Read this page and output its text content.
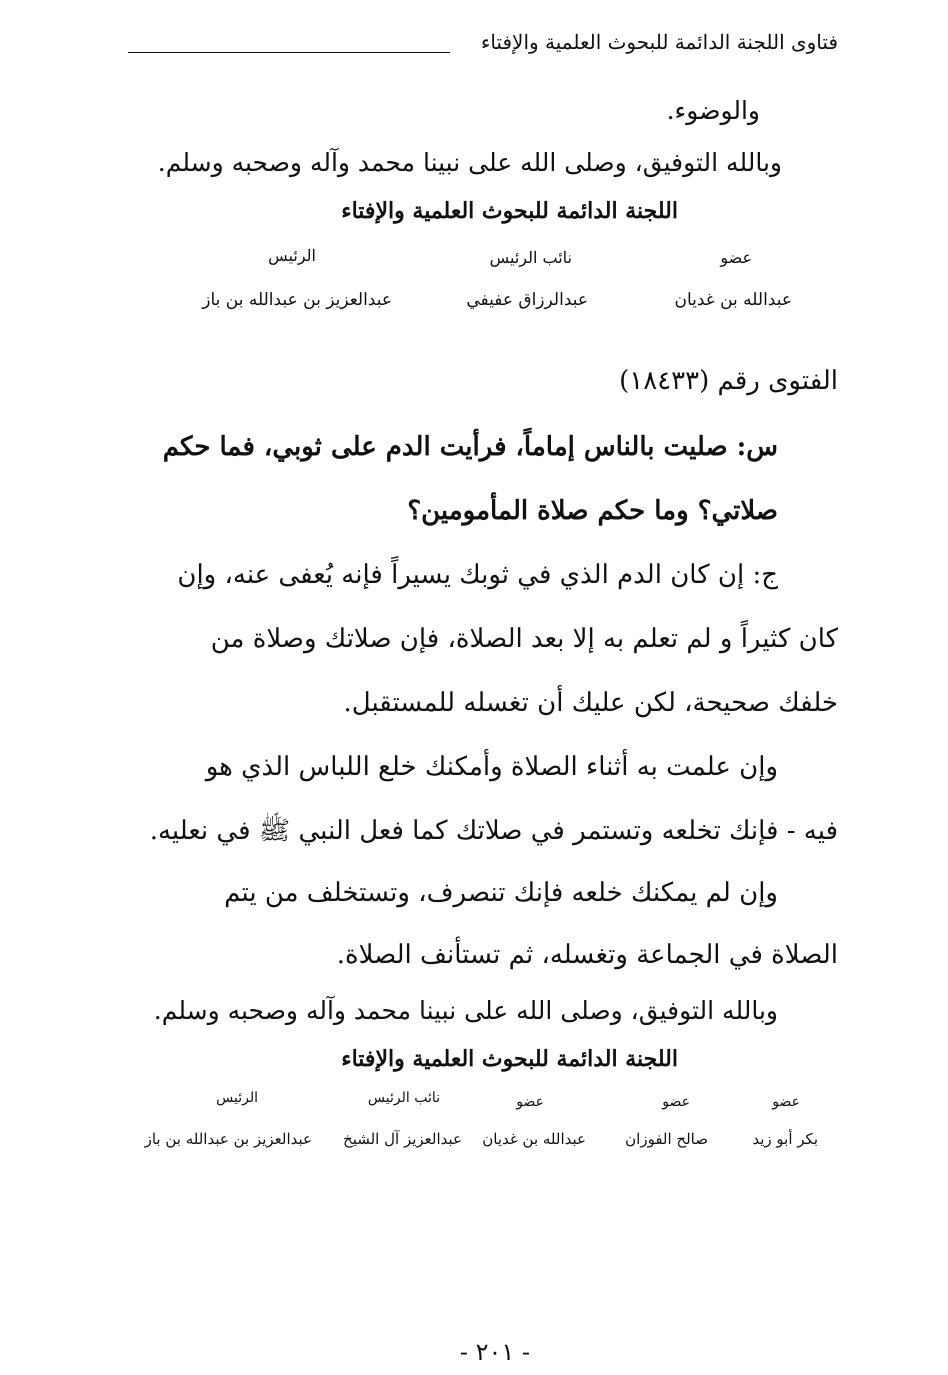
فتاوى اللجنة الدائمة للبحوث العلمية والإفتاء
والوضوء.
وبالله التوفيق، وصلى الله على نبينا محمد وآله وصحبه وسلم.
اللجنة الدائمة للبحوث العلمية والإفتاء
عضو
نائب الرئيس
الرئيس
عبدالله بن غديان
عبدالرزاق عفيفي
عبدالعزيز بن عبدالله بن باز
الفتوى رقم (١٨٤٣٣)
س: صليت بالناس إماماً، فرأيت الدم على ثوبي، فما حكم
صلاتي؟ وما حكم صلاة المأمومين؟
ج: إن كان الدم الذي في ثوبك يسيراً فإنه يُعفى عنه، وإن
كان كثيراً و لم تعلم به إلا بعد الصلاة، فإن صلاتك وصلاة من
خلفك صحيحة، لكن عليك أن تغسله للمستقبل.
وإن علمت به أثناء الصلاة وأمكنك خلع اللباس الذي هو
فيه - فإنك تخلعه وتستمر في صلاتك كما فعل النبي ﷺ في نعليه.
وإن لم يمكنك خلعه فإنك تنصرف، وتستخلف من يتم
الصلاة في الجماعة وتغسله، ثم تستأنف الصلاة.
وبالله التوفيق، وصلى الله على نبينا محمد وآله وصحبه وسلم.
اللجنة الدائمة للبحوث العلمية والإفتاء
عضو
عضو
عضو
نائب الرئيس
الرئيس
بكر أبو زيد
صالح الفوزان
عبدالله بن غديان
عبدالعزيز آل الشيخ
عبدالعزيز بن عبدالله بن باز
- ٢٠١ -
